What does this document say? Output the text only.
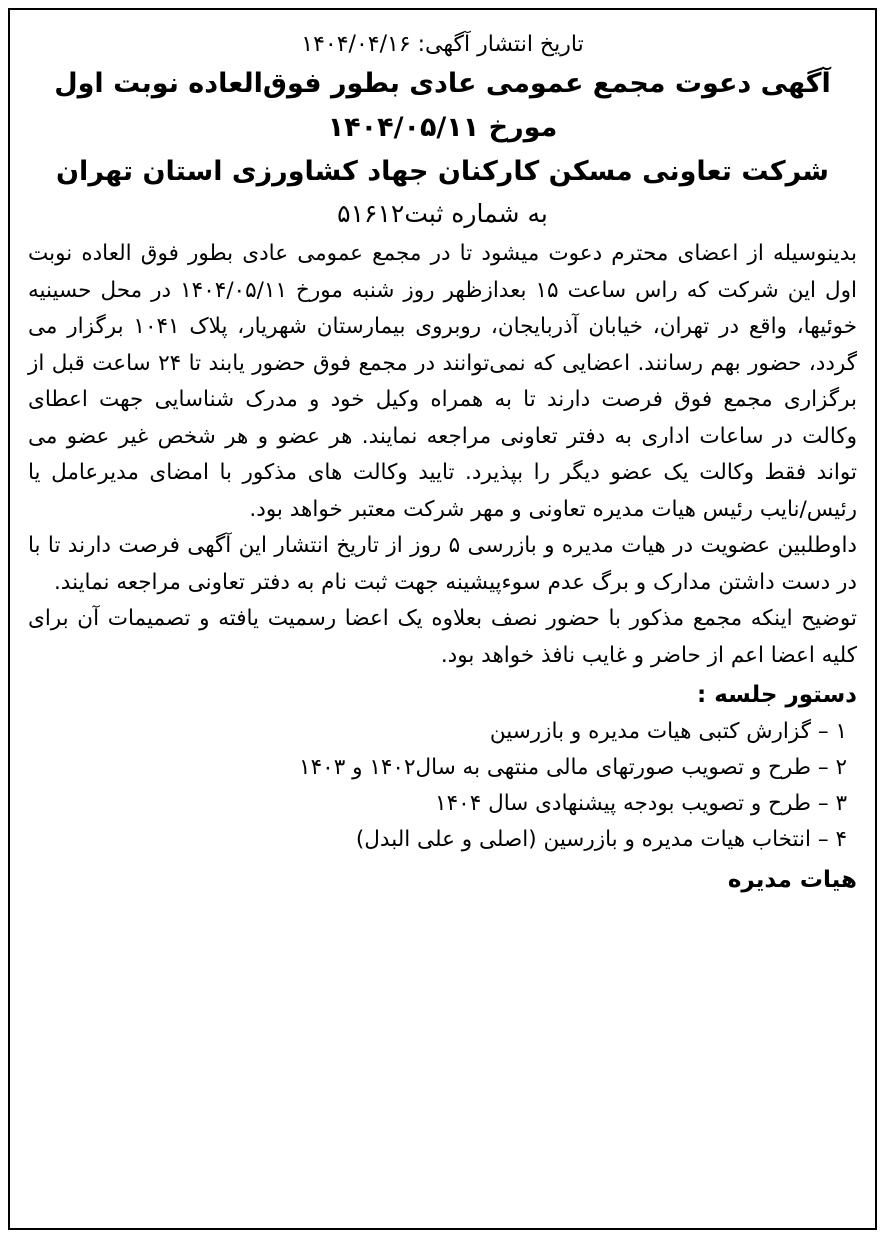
تاریخ انتشار آگهی: ۱۴۰۴/۰۴/۱۶
آگهی دعوت مجمع عمومی عادی بطور فوق‌العاده نوبت اول
مورخ ۱۴۰۴/۰۵/۱۱
شرکت تعاونی مسکن کارکنان جهاد کشاورزی استان تهران
به شماره ثبت۵۱۶۱۲

بدینوسیله از اعضای محترم دعوت میشود تا در مجمع عمومی عادی بطور فوق العاده نوبت اول این شرکت که راس ساعت ۱۵ بعدازظهر روز شنبه مورخ ۱۴۰۴/۰۵/۱۱ در محل حسینیه خوئیها، واقع در تهران، خیابان آذربایجان، روبروی بیمارستان شهریار، پلاک ۱۰۴۱ برگزار می گردد، حضور بهم رسانند. اعضایی که نمی‌توانند در مجمع فوق حضور یابند تا ۲۴ ساعت قبل از برگزاری مجمع فوق فرصت دارند تا به همراه وکیل خود و مدرک شناسایی جهت اعطای وکالت در ساعات اداری به دفتر تعاونی مراجعه نمایند. هر عضو و هر شخص غیر عضو می تواند فقط وکالت یک عضو دیگر را بپذیرد. تایید وکالت های مذکور با امضای مدیرعامل یا رئیس/نایب رئیس هیات مدیره تعاونی و مهر شرکت معتبر خواهد بود.

داوطلبین عضویت در هیات مدیره و بازرسی ۵ روز از تاریخ انتشار این آگهی فرصت دارند تا با در دست داشتن مدارک و برگ عدم سوءپیشینه جهت ثبت نام به دفتر تعاونی مراجعه نمایند.

توضیح اینکه مجمع مذکور با حضور نصف بعلاوه یک اعضا رسمیت یافته و تصمیمات آن برای کلیه اعضا اعم از حاضر و غایب نافذ خواهد بود.

دستور جلسه :
۱ – گزارش کتبی هیات مدیره و بازرسین
۲ – طرح و تصویب صورتهای مالی منتهی به سال۱۴۰۲ و ۱۴۰۳
۳ – طرح و تصویب بودجه پیشنهادی سال ۱۴۰۴
۴ – انتخاب هیات مدیره و بازرسین (اصلی و علی البدل)
هیات مدیره
